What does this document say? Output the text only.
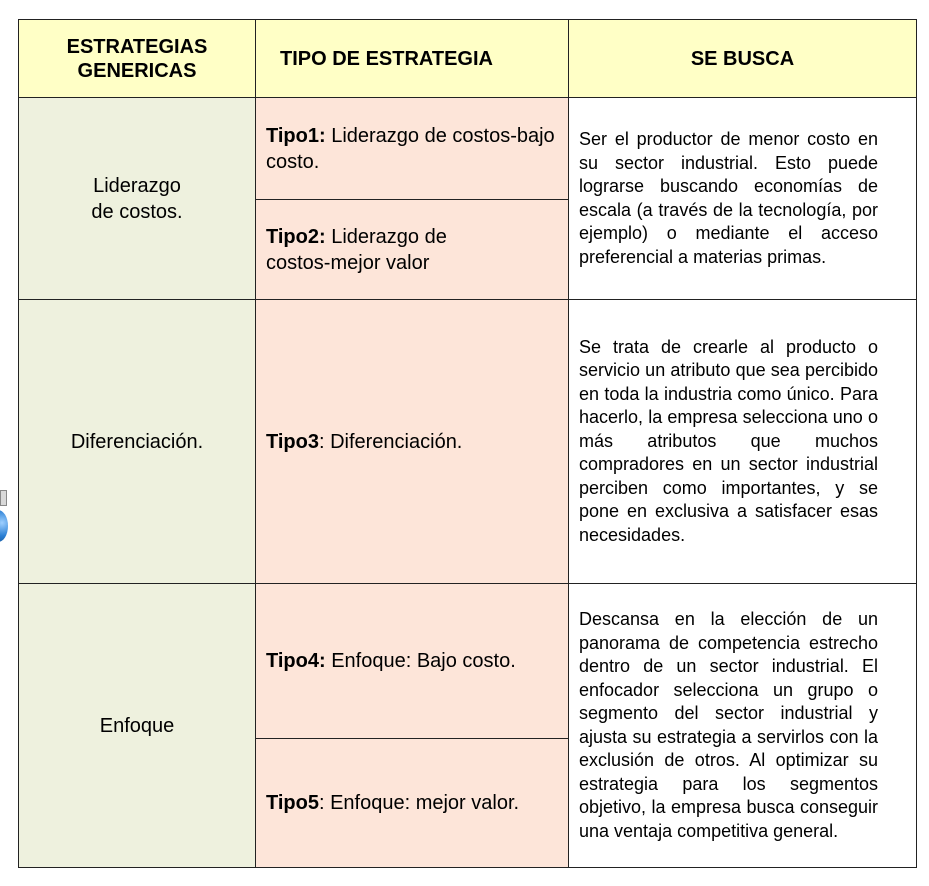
ESTRATEGIAS GENERICAS	TIPO DE ESTRATEGIA	SE BUSCA
Liderazgo de costos.	Tipo1: Liderazgo de costos-bajo costo.	Ser el productor de menor costo en su sector industrial. Esto puede lograrse buscando economías de escala (a través de la tecnología, por ejemplo) o mediante el acceso preferencial a materias primas.
	Tipo2: Liderazgo de costos-mejor valor	
Diferenciación.	Tipo3: Diferenciación.	Se trata de crearle al producto o servicio un atributo que sea percibido en toda la industria como único. Para hacerlo, la empresa selecciona uno o más atributos que muchos compradores en un sector industrial perciben como importantes, y se pone en exclusiva a satisfacer esas necesidades.
Enfoque	Tipo4: Enfoque: Bajo costo.	Descansa en la elección de un panorama de competencia estrecho dentro de un sector industrial. El enfocador selecciona un grupo o segmento del sector industrial y ajusta su estrategia a servirlos con la exclusión de otros. Al optimizar su estrategia para los segmentos objetivo, la empresa busca conseguir una ventaja competitiva general.
	Tipo5: Enfoque: mejor valor.	
